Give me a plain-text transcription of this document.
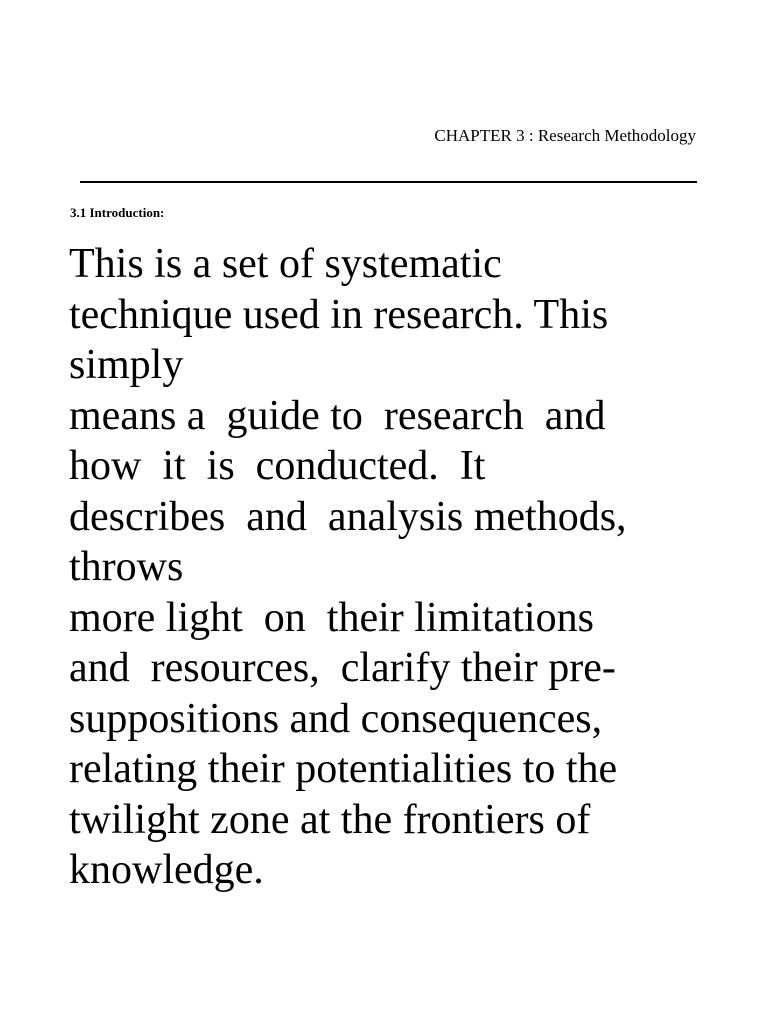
CHAPTER 3 : Research Methodology
3.1 Introduction:
This is a set of systematic
technique used in research. This
simply
means a  guide to  research  and
how  it  is  conducted.  It
describes  and  analysis methods,
throws
more light  on  their limitations
and  resources,  clarify their pre-
suppositions and consequences,
relating their potentialities to the
twilight zone at the frontiers of
knowledge.
